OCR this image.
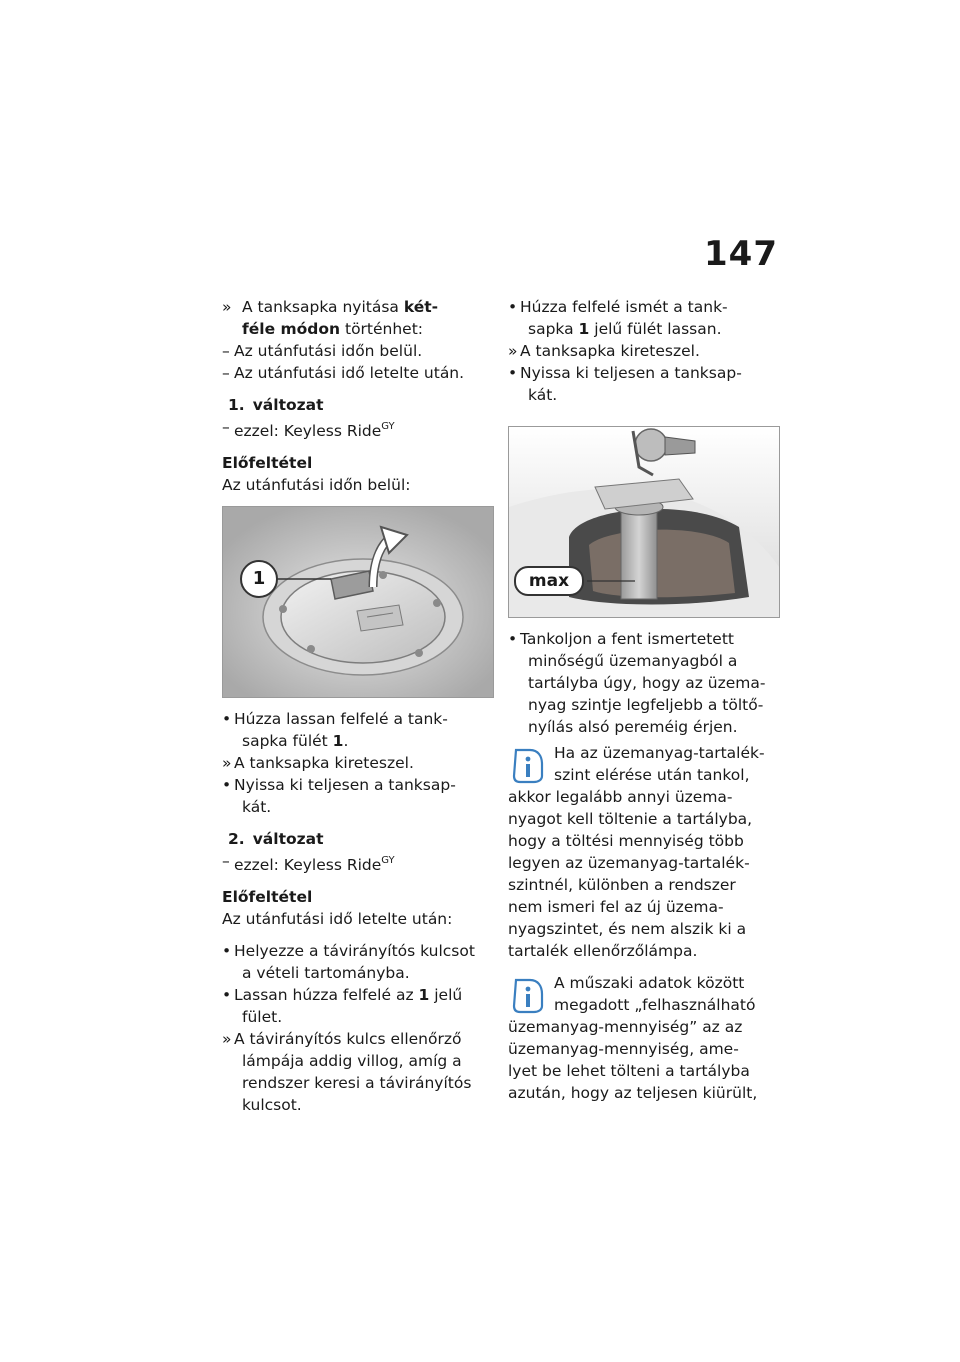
147

» A tanksapka nyitása két-

féle módon történhet:

– Az utánfutási időn belül.

– Az utánfutási idő letelte után.

1. változat

– ezzel: Keyless Ride$^{GY}$

Előfeltétel

Az utánfutási időn belül:

1

• Húzza lassan felfelé a tank-

sapka fülét 1.

» A tanksapka kireteszel.

• Nyissa ki teljesen a tanksap-

kát.

2. változat

– ezzel: Keyless Ride$^{GY}$

Előfeltétel

Az utánfutási idő letelte után:

• Helyezze a távirányítós kulcsot

a vételi tartományba.

• Lassan húzza felfelé az 1 jelű

fület.

» A távirányítós kulcs ellenőrző

lámpája addig villog, amíg a

rendszer keresi a távirányítós

kulcsot.

• Húzza felfelé ismét a tank-

sapka 1 jelű fülét lassan.

» A tanksapka kireteszel.

• Nyissa ki teljesen a tanksap-

kát.

max

• Tankoljon a fent ismertetett

minőségű üzemanyagból a

tartályba úgy, hogy az üzema-

nyag szintje legfeljebb a töltő-

nyílás alsó pereméig érjen.

Ha az üzemanyag-tartalék-
szint elérése után tankol,
akkor legalább annyi üzema-
nyagot kell töltenie a tartályba,
hogy a töltési mennyiség több
legyen az üzemanyag-tartalék-
szintnél, különben a rendszer
nem ismeri fel az új üzema-
nyagszintet, és nem alszik ki a
tartalék ellenőrzőlámpa.
A műszaki adatok között
megadott „felhasználható
üzemanyag-mennyiség” az az
üzemanyag-mennyiség, ame-
lyet be lehet tölteni a tartályba
azután, hogy az teljesen kiürült,
